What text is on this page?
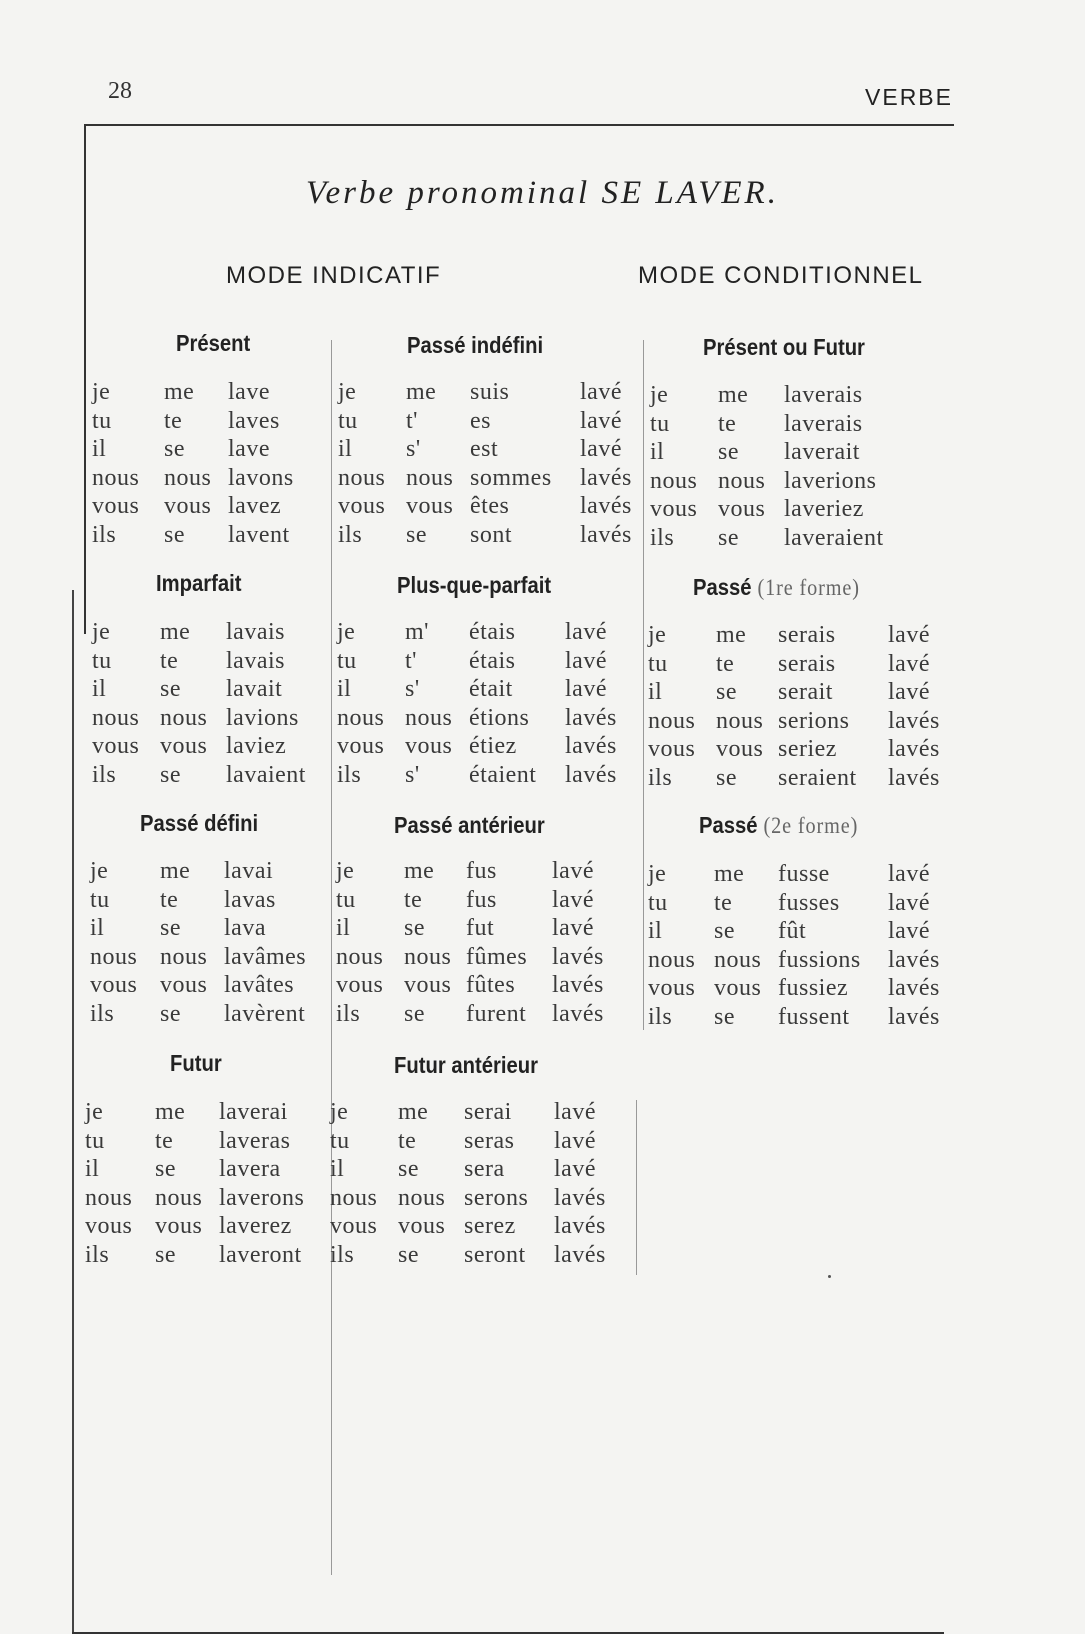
28	VERBE
Verbe pronominal SE LAVER.
MODE INDICATIF	MODE CONDITIONNEL
Présent
je me lave
tu te laves
il se lave
nous nous lavons
vous vous lavez
ils se lavent
Passé indéfini
je me suis	lavé
tu t' es	lavé
il s' est	lavé
nous nous sommes lavés
vous vous êtes	lavés
ils se sont	lavés
Présent ou Futur
je me laverais
tu te laverais
il se laverait
nous nous laverions
vous vous laveriez
ils se laveraient
Imparfait
je me lavais
tu te lavais
il se lavait
nous nous lavions
vous vous laviez
ils se lavaient
Plus-que-parfait
je m' étais lavé
tu t' étais lavé
il s' était lavé
nous nous étions lavés
vous vous étiez lavés
ils s' étaient lavés
Passé (1re forme)
je me serais lavé
tu te serais lavé
il se serait lavé
nous nous serions lavés
vous vous seriez lavés
ils se seraient lavés
Passé défini
je me lavai
tu te lavas
il se lava
nous nous lavâmes
vous vous lavâtes
ils se lavèrent
Passé antérieur
je me fus lavé
tu te fus lavé
il se fut lavé
nous nous fûmes lavés
vous vous fûtes lavés
ils se furent lavés
Passé (2e forme)
je me fusse lavé
tu te fusses lavé
il se fût	lavé
nous nous fussions lavés
vous vous fussiez lavés
ils se fussent lavés
Futur
je me laverai
tu te laveras
il se lavera
nous nous laverons
vous vous laverez
ils se laveront
Futur antérieur
je me serai lavé
tu te seras lavé
il se sera lavé
nous nous serons lavés
vous vous serez lavés
ils se seront lavés
